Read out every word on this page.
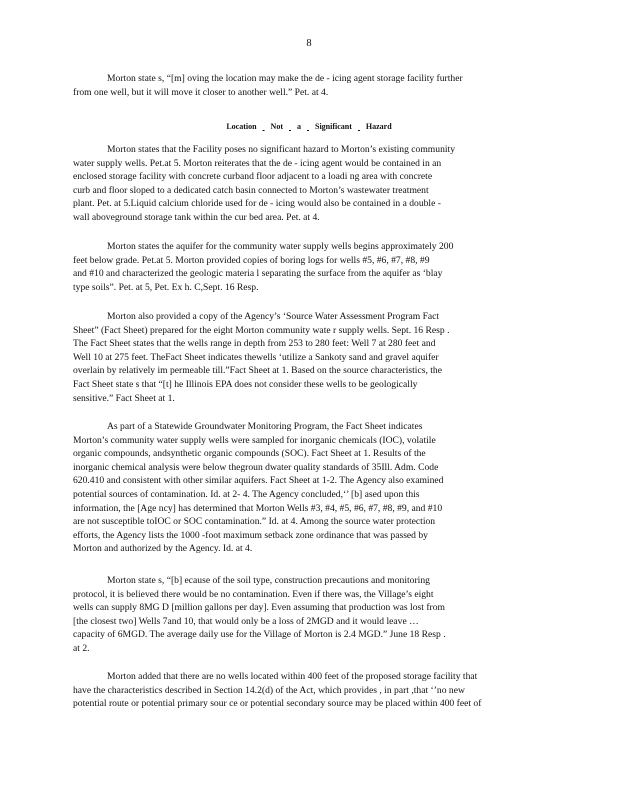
8
Morton state s, “[m] oving the location may make the de - icing agent storage facility further
from one well, but it will move it closer to another well.” Pet. at 4.
Location Not a Significant Hazard
Morton states that the Facility poses no significant hazard to Morton’s existing community
water supply wells. Pet.at 5. Morton reiterates that the de - icing agent would be contained in an
enclosed storage facility with concrete curband floor adjacent to a loadi ng area with concrete
curb and floor sloped to a dedicated catch basin connected to Morton’s wastewater treatment
plant. Pet. at 5.Liquid calcium chloride used for de - icing would also be contained in a double -
wall aboveground storage tank within the cur bed area. Pet. at 4.
Morton states the aquifer for the community water supply wells begins approximately 200
feet below grade. Pet.at 5. Morton provided copies of boring logs for wells #5, #6, #7, #8, #9
and #10 and characterized the geologic materia l separating the surface from the aquifer as ‘blay
type soils”. Pet. at 5, Pet. Ex h. C,Sept. 16 Resp.
Morton also provided a copy of the Agency’s ‘Source Water Assessment Program Fact
Sheet” (Fact Sheet) prepared for the eight Morton community wate r supply wells. Sept. 16 Resp .
The Fact Sheet states that the wells range in depth from 253 to 280 feet: Well 7 at 280 feet and
Well 10 at 275 feet. TheFact Sheet indicates thewells ‘utilize a Sankoty sand and gravel aquifer
overlain by relatively im permeable till.”Fact Sheet at 1. Based on the source characteristics, the
Fact Sheet state s that “[t] he Illinois EPA does not consider these wells to be geologically
sensitive.” Fact Sheet at 1.
As part of a Statewide Groundwater Monitoring Program, the Fact Sheet indicates
Morton’s community water supply wells were sampled for inorganic chemicals (IOC), volatile
organic compounds, andsynthetic organic compounds (SOC). Fact Sheet at 1. Results of the
inorganic chemical analysis were below thegroun dwater quality standards of 35Ill. Adm. Code
620.410 and consistent with other similar aquifers. Fact Sheet at 1-2. The Agency also examined
potential sources of contamination. Id. at 2- 4. The Agency concluded,‘’ [b] ased upon this
information, the [Age ncy] has determined that Morton Wells #3, #4, #5, #6, #7, #8, #9, and #10
are not susceptible toIOC or SOC contamination.” Id. at 4. Among the source water protection
efforts, the Agency lists the 1000 -foot maximum setback zone ordinance that was passed by
Morton and authorized by the Agency. Id. at 4.
Morton state s, “[b] ecause of the soil type, construction precautions and monitoring
protocol, it is believed there would be no contamination. Even if there was, the Village’s eight
wells can supply 8MG D [million gallons per day]. Even assuming that production was lost from
[the closest two] Wells 7and 10, that would only be a loss of 2MGD and it would leave …
capacity of 6MGD. The average daily use for the Village of Morton is 2.4 MGD.” June 18 Resp .
at 2.
Morton added that there are no wells located within 400 feet of the proposed storage facility that
have the characteristics described in Section 14.2(d) of the Act, which provides , in part ,that ‘’no new
potential route or potential primary sour ce or potential secondary source may be placed within 400 feet of
